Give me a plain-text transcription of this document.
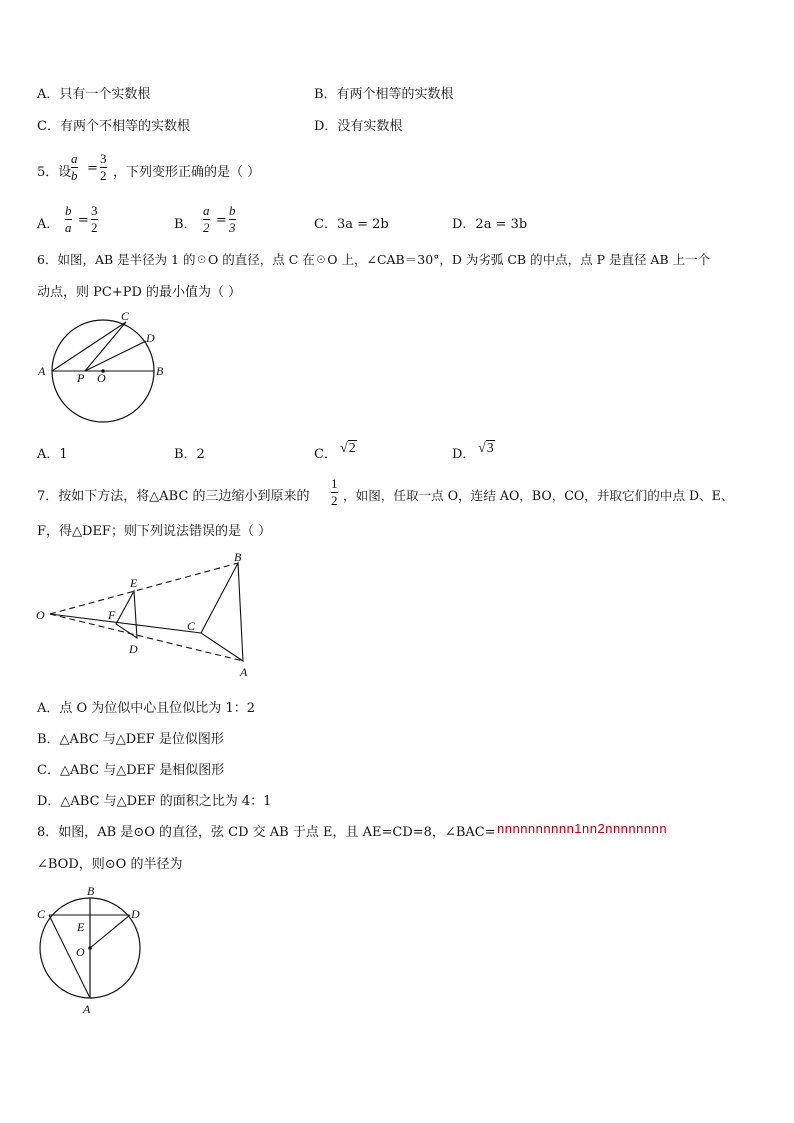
A．只有一个实数根	B．有两个相等的实数根
C．有两个不相等的实数根	D．没有实数根
5．设
a
b =
3
2 ，下列变形正确的是（ ）
A．
b
a =
3
2	B．
a
2 =
b
3	C．3a = 2b	D．2a = 3b
6．如图，AB 是半径为 1 的☉O 的直径，点 C 在☉O 上，∠CAB＝30°，D 为劣弧 CB 的中点，点 P 是直径 AB 上一个
动点，则 PC+PD 的最小值为（ ）
C
D
A	P O	B
A．1	B．2	C． √2	D． √3
7．按如下方法，将△ABC 的三边缩小到原来的
1
2 ，如图，任取一点 O，连结 AO，BO，CO，并取它们的中点 D、E、
F，得△DEF；则下列说法错误的是（ ）
B
E
F
O
C
D
A
A．点 O 为位似中心且位似比为 1：2
B．△ABC 与△DEF 是位似图形
C．△ABC 与△DEF 是相似图形
D．△ABC 与△DEF 的面积之比为 4：1
8．如图，AB 是⊙O 的直径，弦 CD 交 AB 于点 E，且 AE=CD=8，∠BAC= nnnnnnnnnn1nn2nnnnnnnn
∠BOD，则⊙O 的半径为
B
C	D
E
O
A
